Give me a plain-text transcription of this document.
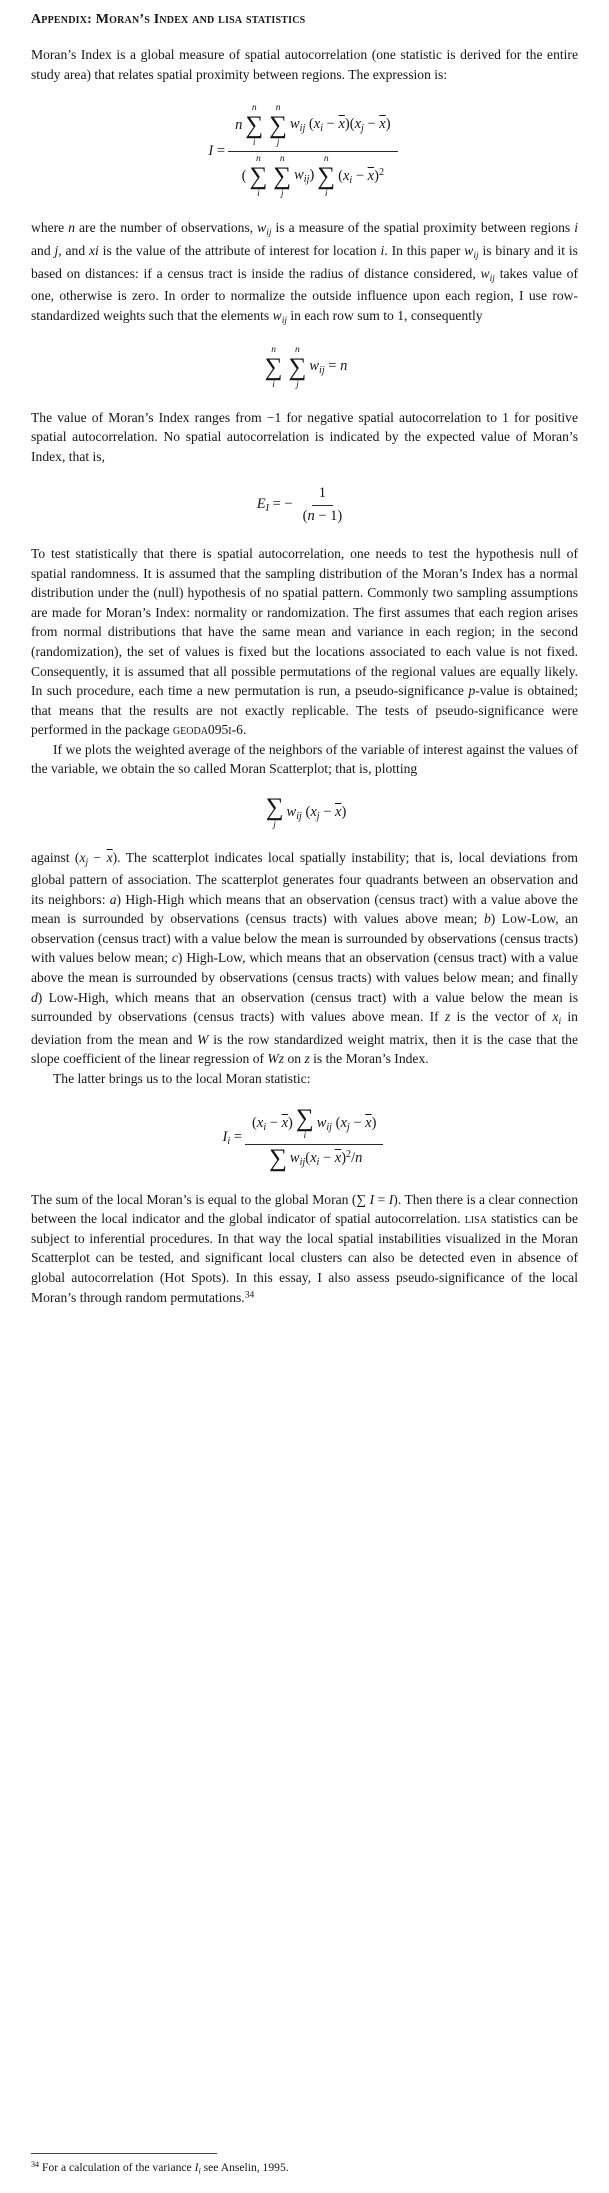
Appendix: Moran’s Index and lisa statistics

Moran’s Index is a global measure of spatial autocorrelation (one statistic is derived for the entire study area) that relates spatial proximity between regions. The expression is:

I =
n
n
∑
i
n
∑
j
$w_{ij}$ $(x_i - \overline{x})(x_j - \overline{x})$
(
n
∑
i
n
∑
j
$w_{ij}$)
n
∑
i
$(x_i - \overline{x})^2$

where n are the number of observations, $w_{ij}$ is a measure of the spatial proximity between regions i and j, and xi is the value of the attribute of interest for location i. In this paper $w_{ij}$ is binary and it is based on distances: if a census tract is inside the radius of distance considered, $w_{ij}$ takes value of one, otherwise is zero. In order to normalize the outside influence upon each region, I use row-standardized weights such that the elements $w_{ij}$ in each row sum to 1, consequently

n
∑
i
n
∑
j
$w_{ij} = n$

The value of Moran’s Index ranges from −1 for negative spatial autocorrelation to 1 for positive spatial autocorrelation. No spatial autocorrelation is indicated by the expected value of Moran’s Index, that is,

$E_I$ = − $\frac{1}{(n - 1)}$

To test statistically that there is spatial autocorrelation, one needs to test the hypothesis null of spatial randomness. It is assumed that the sampling distribution of the Moran’s Index has a normal distribution under the (null) hypothesis of no spatial pattern. Commonly two sampling assumptions are made for Moran’s Index: normality or randomization. The first assumes that each region arises from normal distributions that have the same mean and variance in each region; in the second (randomization), the set of values is fixed but the locations associated to each value is not fixed. Consequently, it is assumed that all possible permutations of the regional values are equally likely. In such procedure, each time a new permutation is run, a pseudo-significance p-value is obtained; that means that the results are not exactly replicable. The tests of pseudo-significance were performed in the package geoda095i-6.

If we plots the weighted average of the neighbors of the variable of interest against the values of the variable, we obtain the so called Moran Scatterplot; that is, plotting

∑
j
$w_{ij}$ $(x_j - \overline{x})$

against $(x_j - \overline{x})$. The scatterplot indicates local spatially instability; that is, local deviations from global pattern of association. The scatterplot generates four quadrants between an observation and its neighbors: a) High-High which means that an observation (census tract) with a value above the mean is surrounded by observations (census tracts) with values above mean; b) Low-Low, an observation (census tract) with a value below the mean is surrounded by observations (census tracts) with values below mean; c) High-Low, which means that an observation (census tract) with a value above the mean is surrounded by observations (census tracts) with values below mean; and finally d) Low-High, which means that an observation (census tract) with a value below the mean is surrounded by observations (census tracts) with values above mean. If z is the vector of $x_i$ in deviation from the mean and W is the row standardized weight matrix, then it is the case that the slope coefficient of the linear regression of Wz on z is the Moran’s Index.

The latter brings us to the local Moran statistic:

$I_i = (x_i - \overline{x})$ ∑
i
$w_{ij}$ $(x_j - \overline{x})$
∑ $w_{ij}(x_i - \overline{x})^2/n$

The sum of the local Moran’s is equal to the global Moran (∑ I = I). Then there is a clear connection between the local indicator and the global indicator of spatial autocorrelation. lisa statistics can be subject to inferential procedures. In that way the local spatial instabilities visualized in the Moran Scatterplot can be tested, and significant local clusters can also be detected even in absence of global autocorrelation (Hot Spots). In this essay, I also assess pseudo-significance of the local Moran’s through random permutations.$^{34}$

$^{34}$ For a calculation of the variance $I_i$ see Anselin, 1995.
